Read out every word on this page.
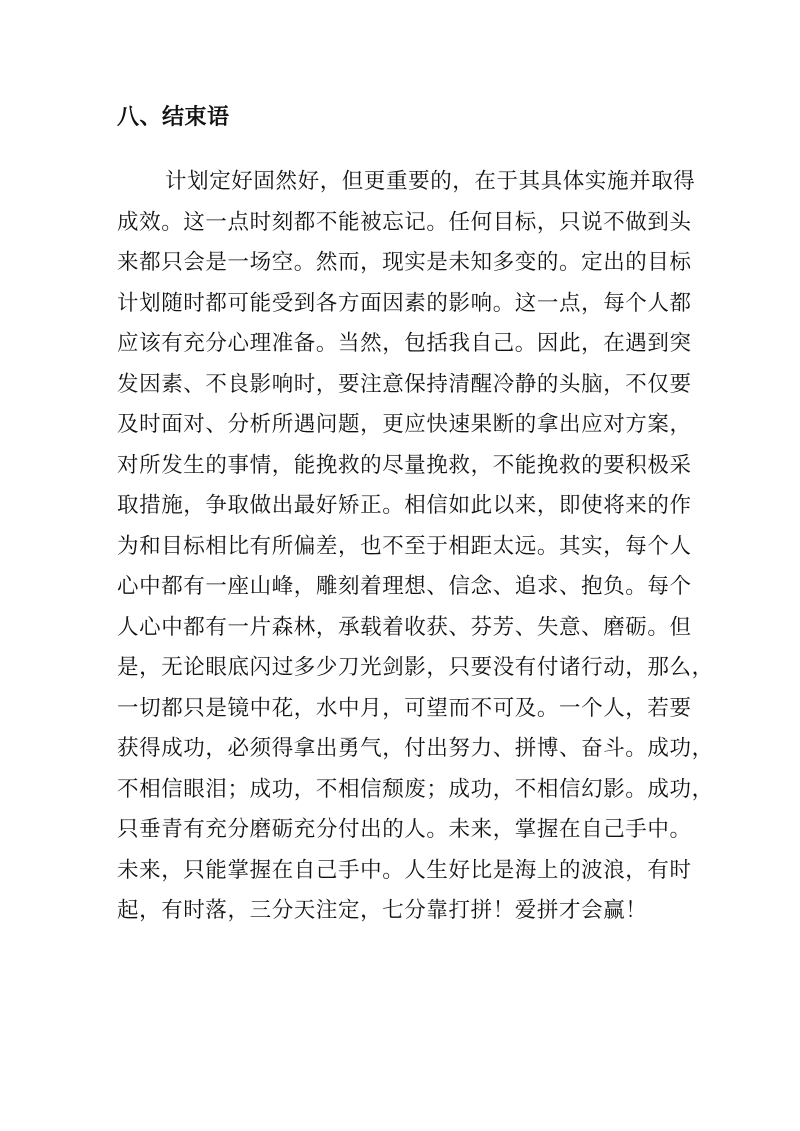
八、结束语
计划定好固然好，但更重要的，在于其具体实施并取得
成效。这一点时刻都不能被忘记。任何目标，只说不做到头
来都只会是一场空。然而，现实是未知多变的。定出的目标
计划随时都可能受到各方面因素的影响。这一点，每个人都
应该有充分心理准备。当然，包括我自己。因此，在遇到突
发因素、不良影响时，要注意保持清醒冷静的头脑，不仅要
及时面对、分析所遇问题，更应快速果断的拿出应对方案，
对所发生的事情，能挽救的尽量挽救，不能挽救的要积极采
取措施，争取做出最好矫正。相信如此以来，即使将来的作
为和目标相比有所偏差，也不至于相距太远。其实，每个人
心中都有一座山峰，雕刻着理想、信念、追求、抱负。每个
人心中都有一片森林，承载着收获、芬芳、失意、磨砺。但
是，无论眼底闪过多少刀光剑影，只要没有付诸行动，那么，
一切都只是镜中花，水中月，可望而不可及。一个人，若要
获得成功，必须得拿出勇气，付出努力、拼博、奋斗。成功，
不相信眼泪；成功，不相信颓废；成功，不相信幻影。成功，
只垂青有充分磨砺充分付出的人。未来，掌握在自己手中。
未来，只能掌握在自己手中。人生好比是海上的波浪，有时
起，有时落，三分天注定，七分靠打拼！爱拼才会赢！
